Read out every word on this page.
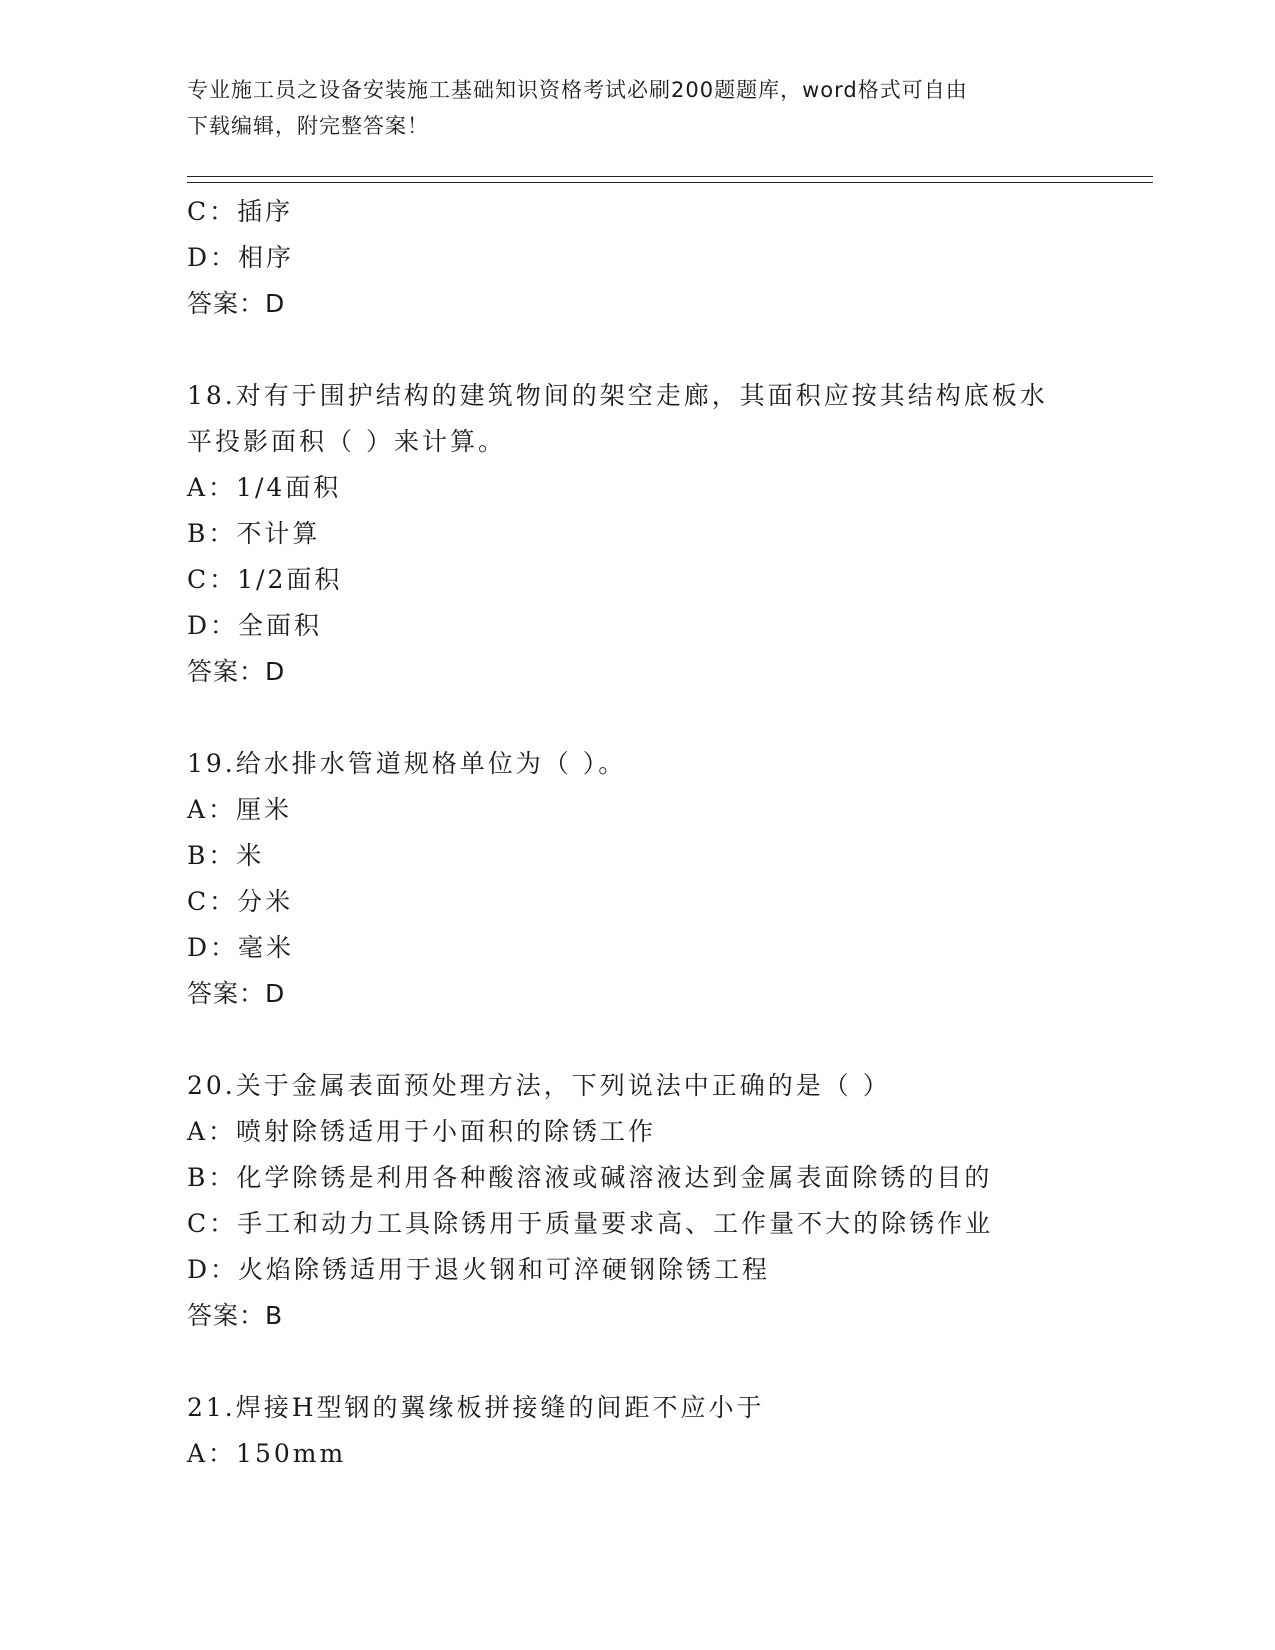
专业施工员之设备安装施工基础知识资格考试必刷200题题库，word格式可自由
下载编辑，附完整答案！
C：插序
D：相序
答案：D
18.对有于围护结构的建筑物间的架空走廊，其面积应按其结构底板水
平投影面积（ ）来计算。
A：1/4面积
B：不计算
C：1/2面积
D：全面积
答案：D
19.给水排水管道规格单位为（ ）。
A：厘米
B：米
C：分米
D：毫米
答案：D
20.关于金属表面预处理方法，下列说法中正确的是（ ）
A：喷射除锈适用于小面积的除锈工作
B：化学除锈是利用各种酸溶液或碱溶液达到金属表面除锈的目的
C：手工和动力工具除锈用于质量要求高、工作量不大的除锈作业
D：火焰除锈适用于退火钢和可淬硬钢除锈工程
答案：B
21.焊接H型钢的翼缘板拼接缝的间距不应小于
A：150mm
